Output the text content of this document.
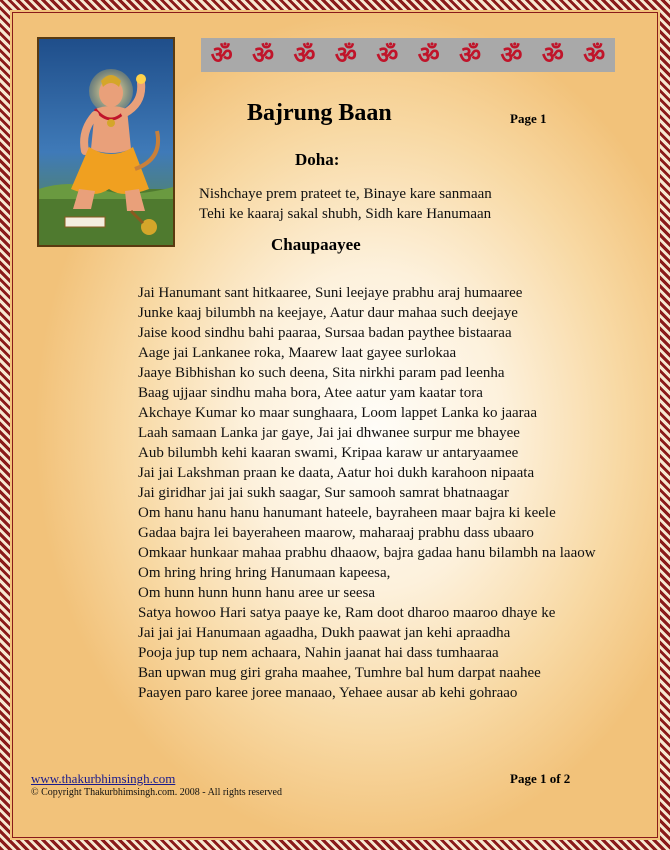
ॐ ॐ ॐ ॐ ॐ ॐ ॐ ॐ ॐ ॐ
Bajrung Baan	Page 1
Doha:
Nishchaye prem prateet te, Binaye kare sanmaan
Tehi ke kaaraj sakal shubh, Sidh kare Hanumaan
Chaupaayee
Jai Hanumant sant hitkaaree, Suni leejaye prabhu araj humaaree
Junke kaaj bilumbh na keejaye, Aatur daur mahaa such deejaye
Jaise kood sindhu bahi paaraa, Sursaa badan paythee bistaaraa
Aage jai Lankanee roka, Maarew laat gayee surlokaa
Jaaye Bibhishan ko such deena, Sita nirkhi param pad leenha
Baag ujjaar sindhu maha bora, Atee aatur yam kaatar tora
Akchaye Kumar ko maar sunghaara, Loom lappet Lanka ko jaaraa
Laah samaan Lanka jar gaye, Jai jai dhwanee surpur me bhayee
Aub bilumbh kehi kaaran swami, Kripaa karaw ur antaryaamee
Jai jai Lakshman praan ke daata, Aatur hoi dukh karahoon nipaata
Jai giridhar jai jai sukh saagar, Sur samooh samrat bhatnaagar
Om hanu hanu hanu hanumant hateele, bayraheen maar bajra ki keele
Gadaa bajra lei bayeraheen maarow, maharaaj prabhu dass ubaaro
Omkaar hunkaar mahaa prabhu dhaaow, bajra gadaa hanu bilambh na laaow
Om hring hring hring Hanumaan kapeesa,
Om hunn hunn hunn hanu aree ur seesa
Satya howoo Hari satya paaye ke, Ram doot dharoo maaroo dhaye ke
Jai jai jai Hanumaan agaadha, Dukh paawat jan kehi apraadha
Pooja jup tup nem achaara, Nahin jaanat hai dass tumhaaraa
Ban upwan mug giri graha maahee, Tumhre bal hum darpat naahee
Paayen paro karee joree manaao, Yehaee ausar ab kehi gohraao
www.thakurbhimsingh.com
© Copyright Thakurbhimsingh.com. 2008 - All rights reserved
Page 1 of 2
